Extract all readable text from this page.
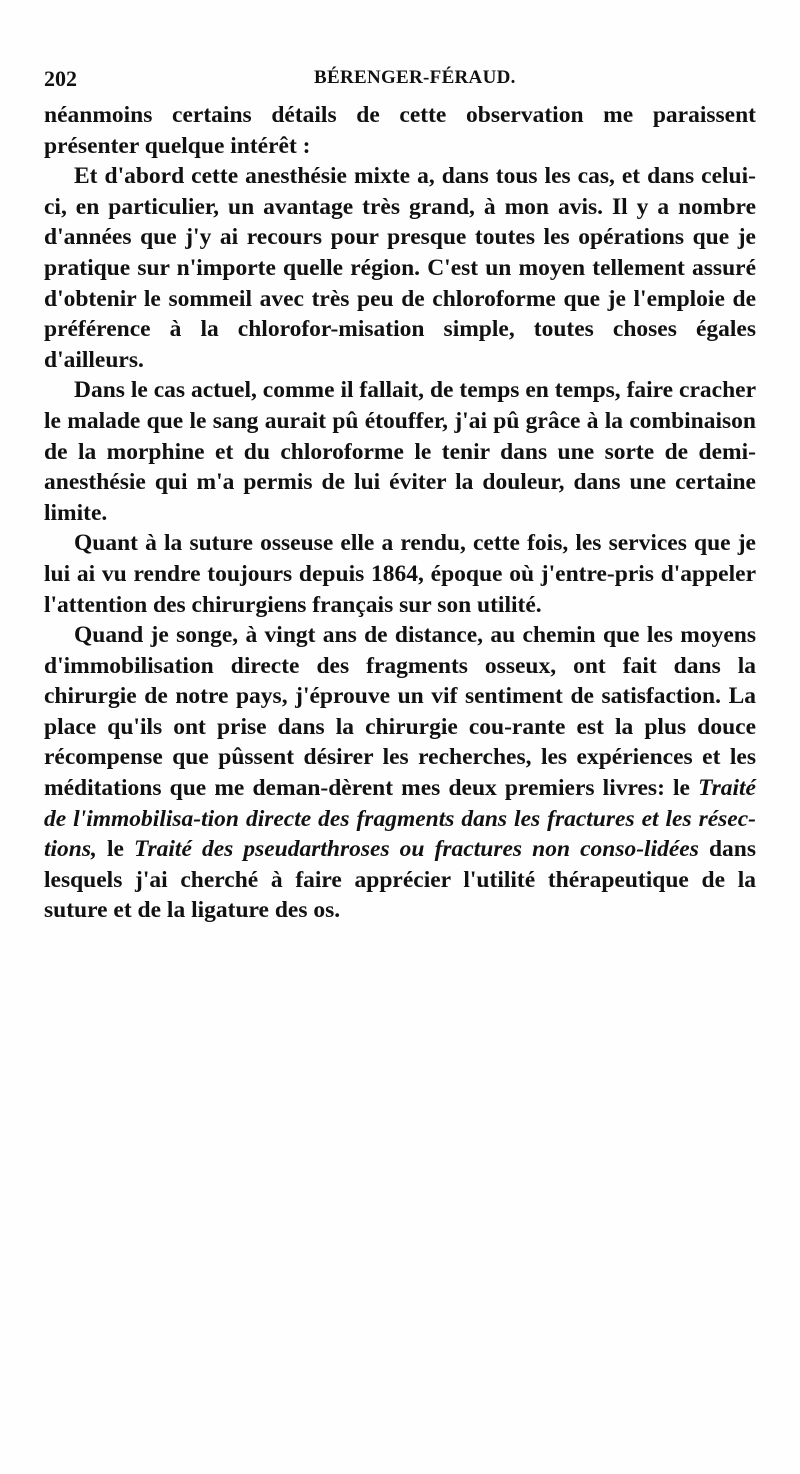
202	BÉRENGER-FÉRAUD.

néanmoins certains détails de cette observation me paraissent présenter quelque intérêt :

Et d'abord cette anesthésie mixte a, dans tous les cas, et dans celui-ci, en particulier, un avantage très grand, à mon avis. Il y a nombre d'années que j'y ai recours pour presque toutes les opérations que je pratique sur n'importe quelle région. C'est un moyen tellement assuré d'obtenir le sommeil avec très peu de chloroforme que je l'emploie de préférence à la chlorofor-misation simple, toutes choses égales d'ailleurs.

Dans le cas actuel, comme il fallait, de temps en temps, faire cracher le malade que le sang aurait pû étouffer, j'ai pû grâce à la combinaison de la morphine et du chloroforme le tenir dans une sorte de demi-anesthésie qui m'a permis de lui éviter la douleur, dans une certaine limite.

Quant à la suture osseuse elle a rendu, cette fois, les services que je lui ai vu rendre toujours depuis 1864, époque où j'entre-pris d'appeler l'attention des chirurgiens français sur son utilité.

Quand je songe, à vingt ans de distance, au chemin que les moyens d'immobilisation directe des fragments osseux, ont fait dans la chirurgie de notre pays, j'éprouve un vif sentiment de satisfaction. La place qu'ils ont prise dans la chirurgie cou-rante est la plus douce récompense que pûssent désirer les recherches, les expériences et les méditations que me deman-dèrent mes deux premiers livres: le Traité de l'immobilisa-tion directe des fragments dans les fractures et les résec-tions, le Traité des pseudarthroses ou fractures non conso-lidées dans lesquels j'ai cherché à faire apprécier l'utilité thérapeutique de la suture et de la ligature des os.
